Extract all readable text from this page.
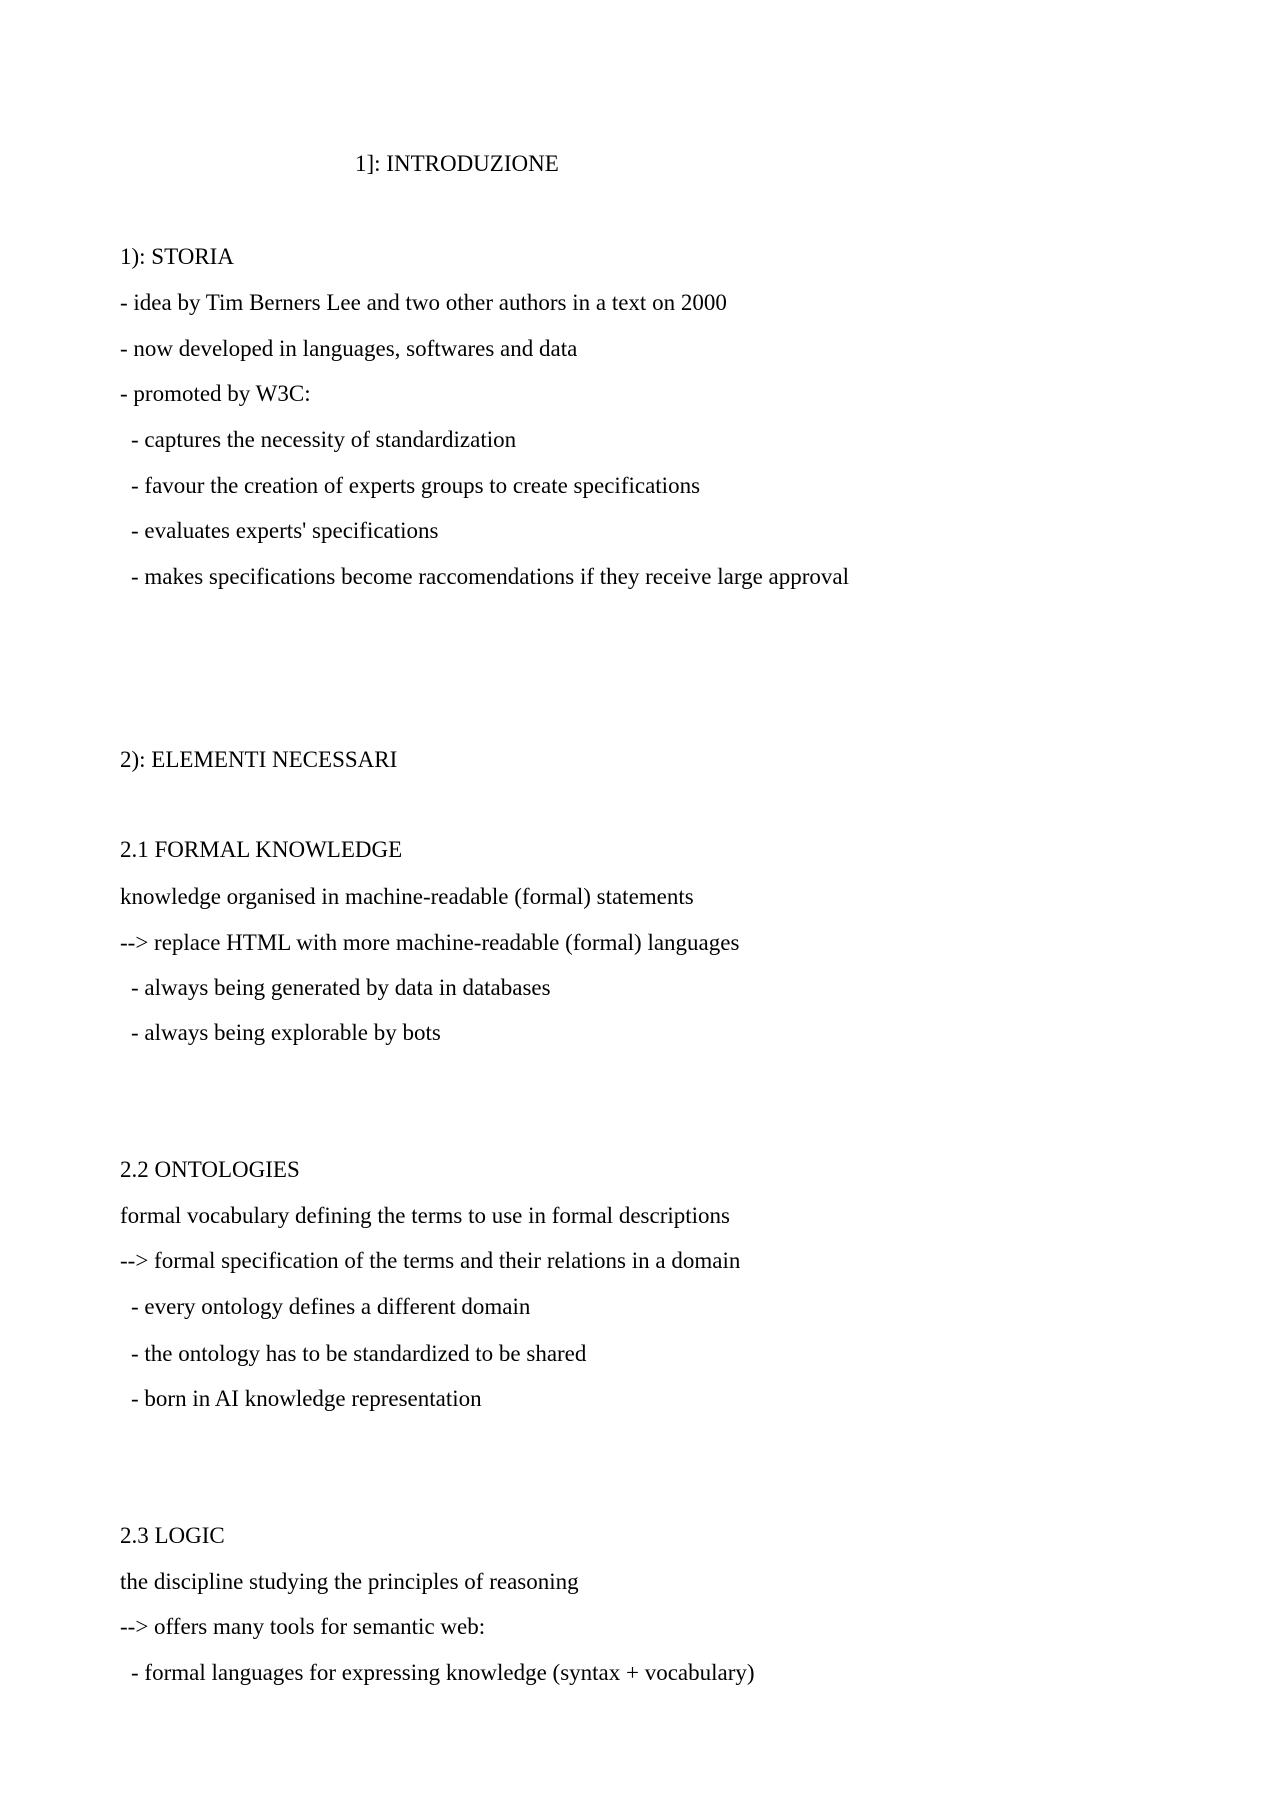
1]: INTRODUZIONE
1): STORIA
- idea by Tim Berners Lee and two other authors in a text on 2000
- now developed in languages, softwares and data
- promoted by W3C:
- captures the necessity of standardization
- favour the creation of experts groups to create specifications
- evaluates experts' specifications
- makes specifications become raccomendations if they receive large approval
2): ELEMENTI NECESSARI
2.1 FORMAL KNOWLEDGE
knowledge organised in machine-readable (formal) statements
--> replace HTML with more machine-readable (formal) languages
- always being generated by data in databases
- always being explorable by bots
2.2 ONTOLOGIES
formal vocabulary defining the terms to use in formal descriptions
--> formal specification of the terms and their relations in a domain
- every ontology defines a different domain
- the ontology has to be standardized to be shared
- born in AI knowledge representation
2.3 LOGIC
the discipline studying the principles of reasoning
--> offers many tools for semantic web:
- formal languages for expressing knowledge (syntax + vocabulary)
